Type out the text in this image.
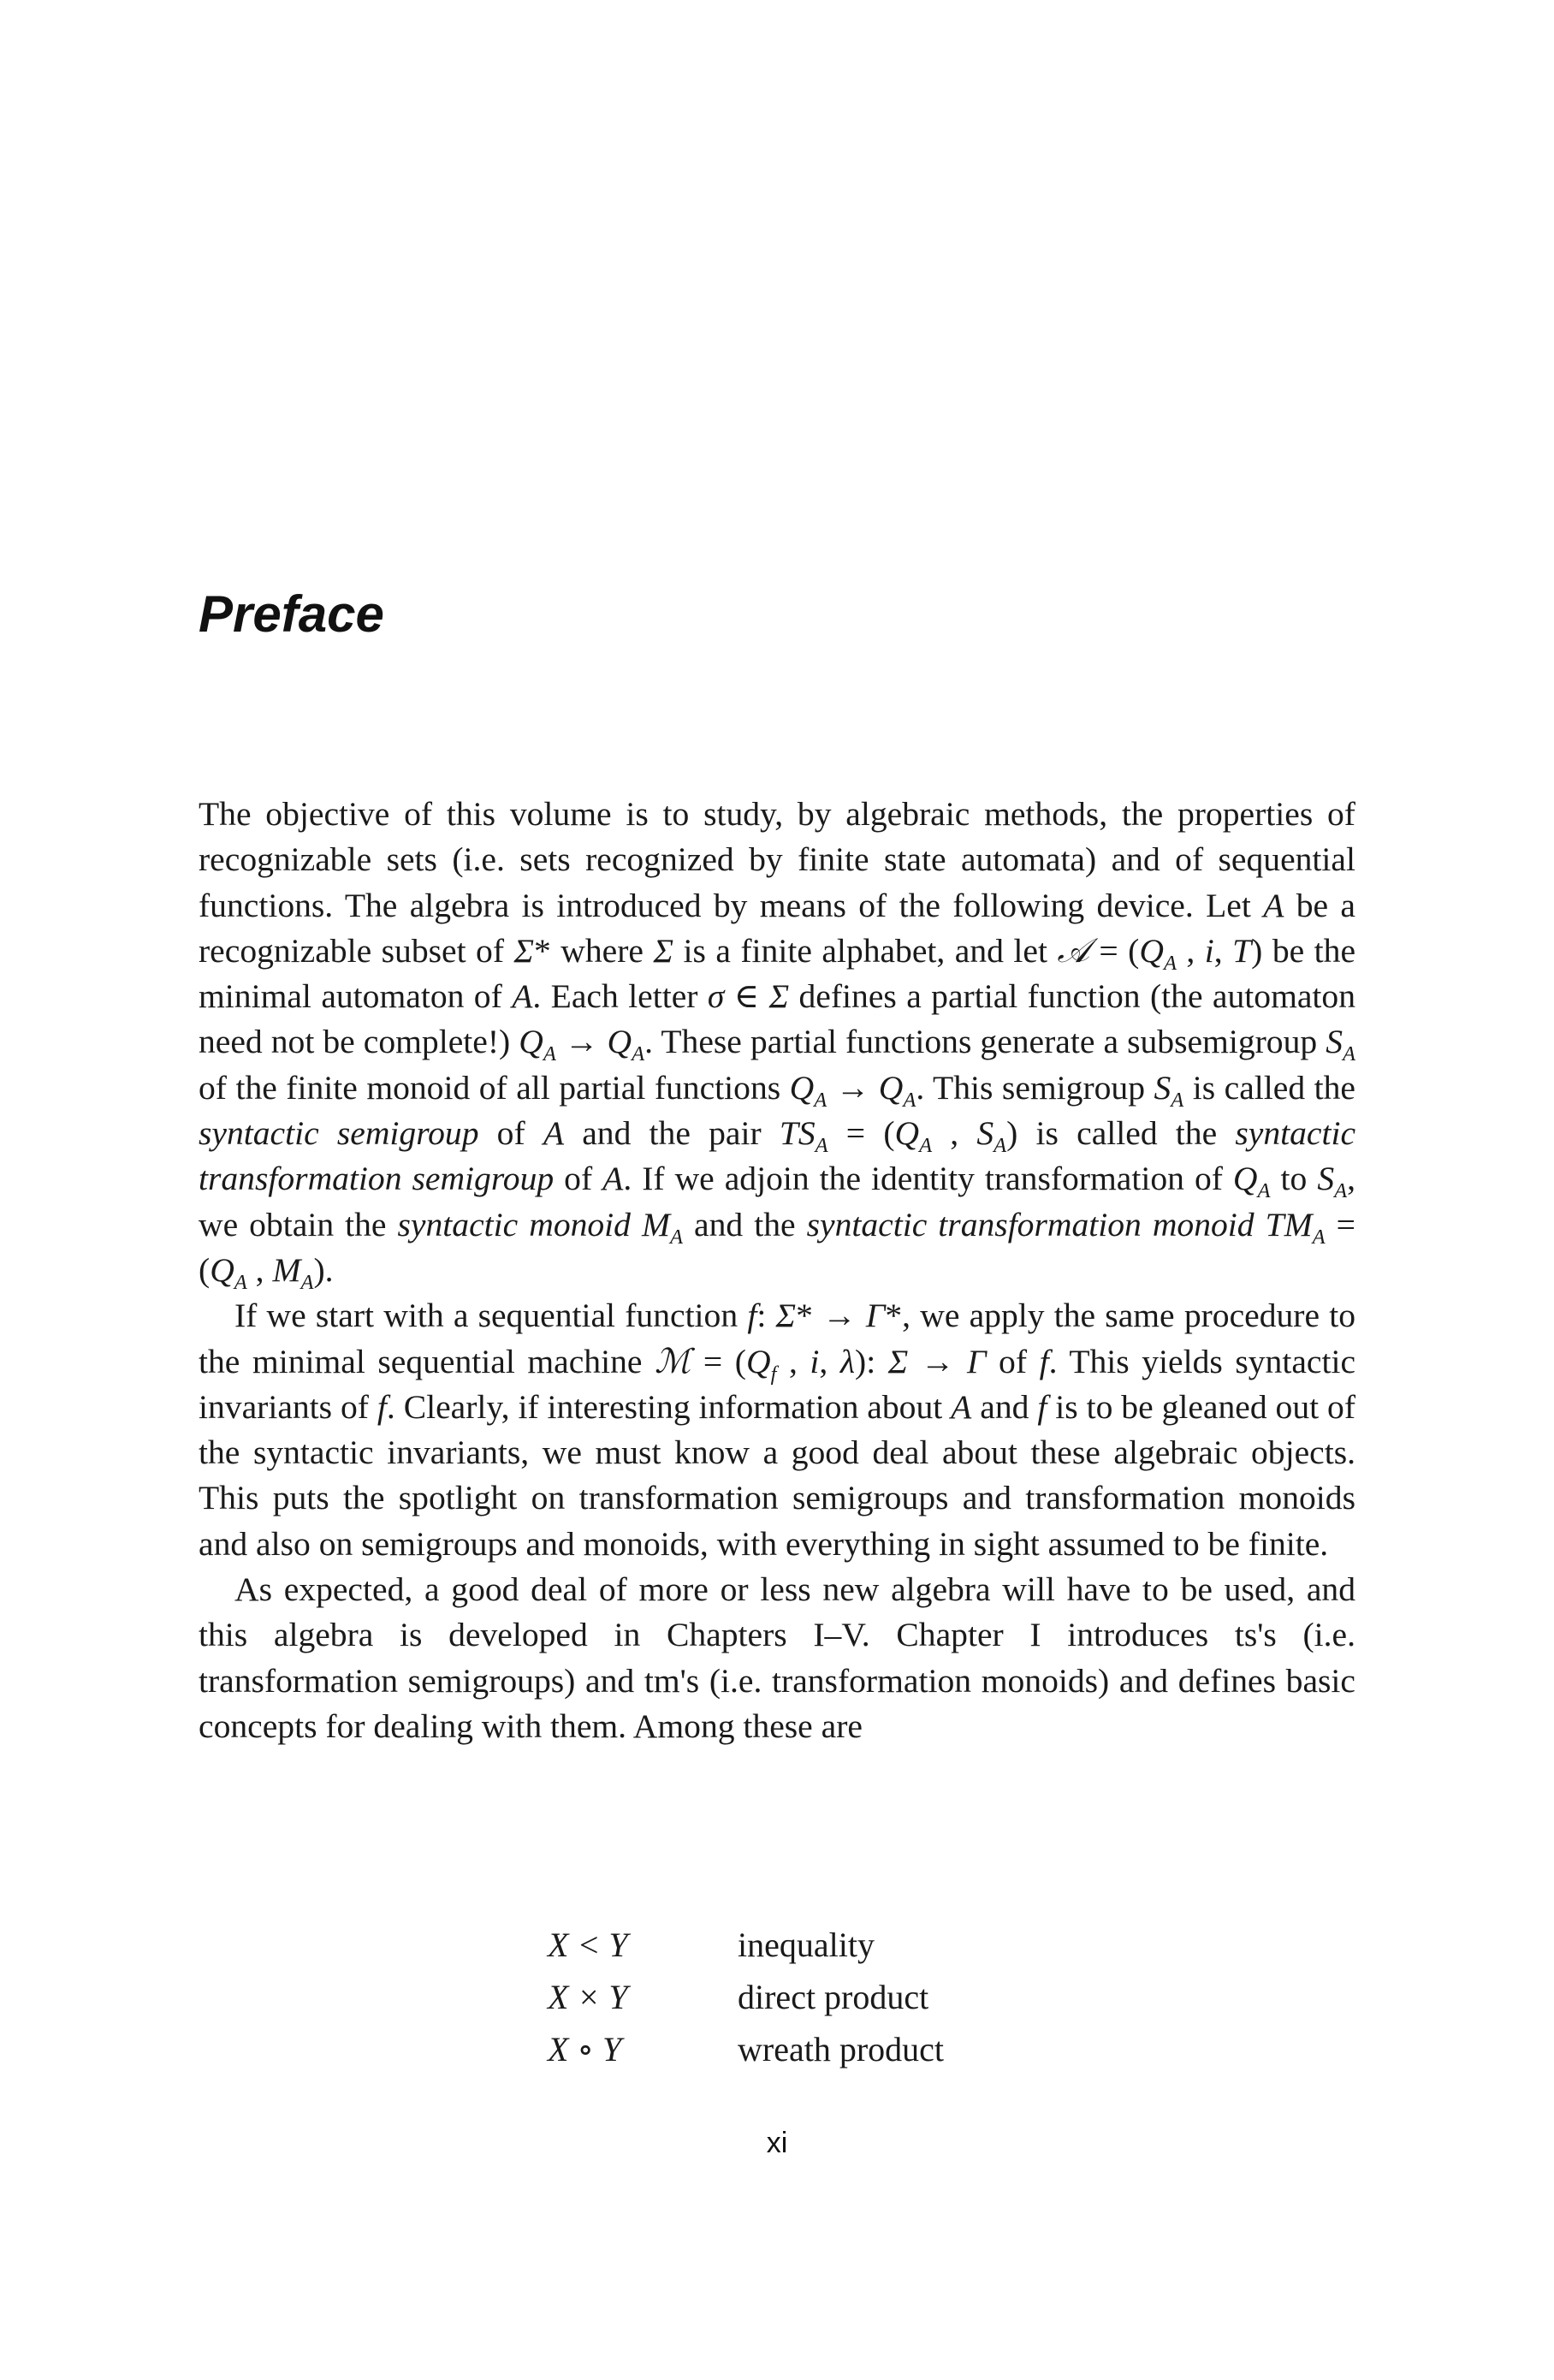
Preface

The objective of this volume is to study, by algebraic methods, the properties of recognizable sets (i.e. sets recognized by finite state automata) and of sequential functions. The algebra is introduced by means of the following device. Let A be a recognizable subset of Σ* where Σ is a finite alphabet, and let 𝒜 = ($Q_A$ , i, T) be the minimal automaton of A. Each letter σ ∈ Σ defines a partial function (the automaton need not be complete!) $Q_A \to Q_A$. These partial functions generate a subsemigroup $S_A$ of the finite monoid of all partial functions $Q_A \to Q_A$. This semigroup $S_A$ is called the syntactic semigroup of A and the pair $TS_A = (Q_A$ , $S_A$) is called the syntactic transformation semigroup of A. If we adjoin the identity transformation of $Q_A$ to $S_A$, we obtain the syntactic monoid $M_A$ and the syntactic transformation monoid $TM_A = (Q_A$ , $M_A$).

If we start with a sequential function f: Σ* → Γ*, we apply the same procedure to the minimal sequential machine ℳ = ($Q_f$ , i, λ): Σ → Γ of f. This yields syntactic invariants of f. Clearly, if interesting information about A and f is to be gleaned out of the syntactic invariants, we must know a good deal about these algebraic objects. This puts the spotlight on transformation semigroups and transformation monoids and also on semigroups and monoids, with everything in sight assumed to be finite.

As expected, a good deal of more or less new algebra will have to be used, and this algebra is developed in Chapters I–V. Chapter I introduces ts's (i.e. transformation semigroups) and tm's (i.e. transformation monoids) and defines basic concepts for dealing with them. Among these are

X < Y	inequality
X × Y	direct product
X ∘ Y	wreath product
xi
